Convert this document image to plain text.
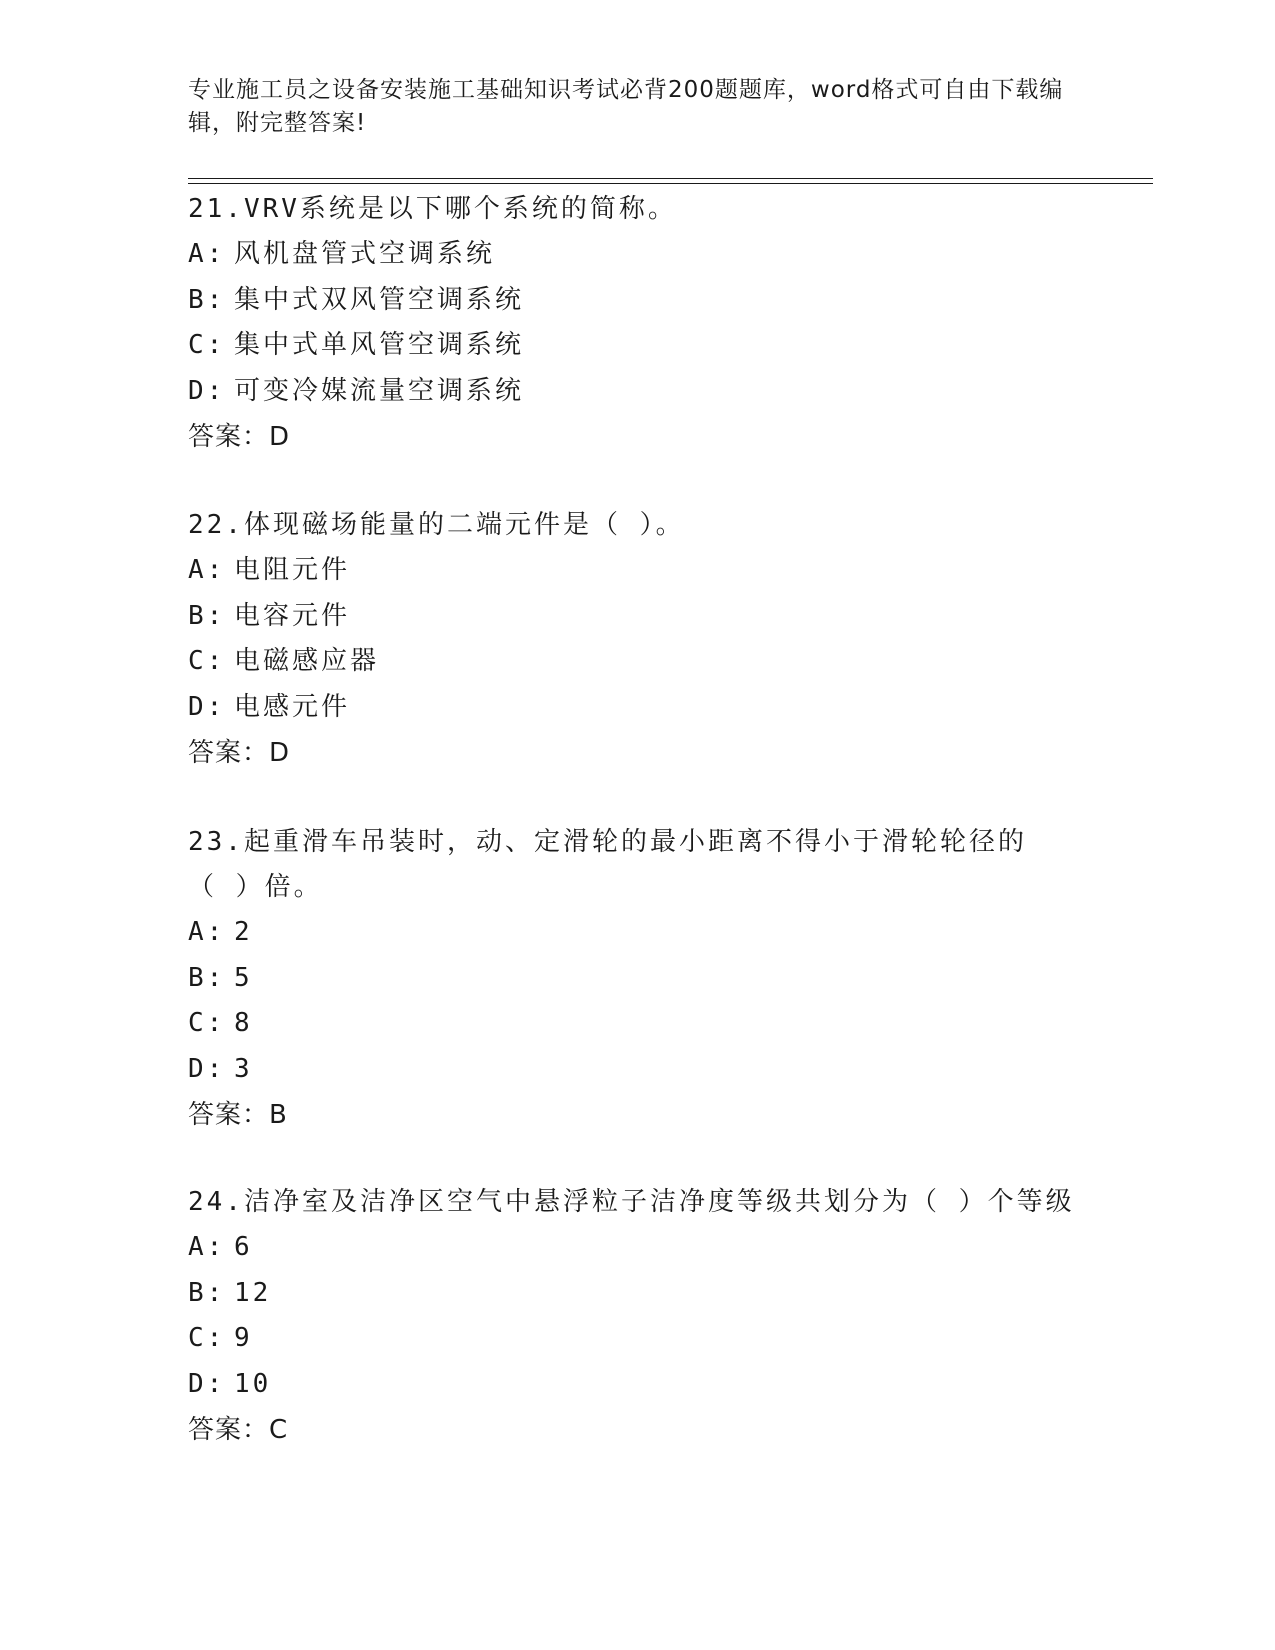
专业施工员之设备安装施工基础知识考试必背200题题库，word格式可自由下载编辑，附完整答案!

21.VRV系统是以下哪个系统的简称。

A: 风机盘管式空调系统
B: 集中式双风管空调系统
C: 集中式单风管空调系统
D: 可变冷媒流量空调系统
答案：D

22.体现磁场能量的二端元件是（ ）。

A: 电阻元件
B: 电容元件
C: 电磁感应器
D: 电感元件
答案：D

23.起重滑车吊装时，动、定滑轮的最小距离不得小于滑轮轮径的（ ）倍。

A: 2
B: 5
C: 8
D: 3
答案：B

24.洁净室及洁净区空气中悬浮粒子洁净度等级共划分为（ ）个等级

A: 6
B: 12
C: 9
D: 10
答案：C
